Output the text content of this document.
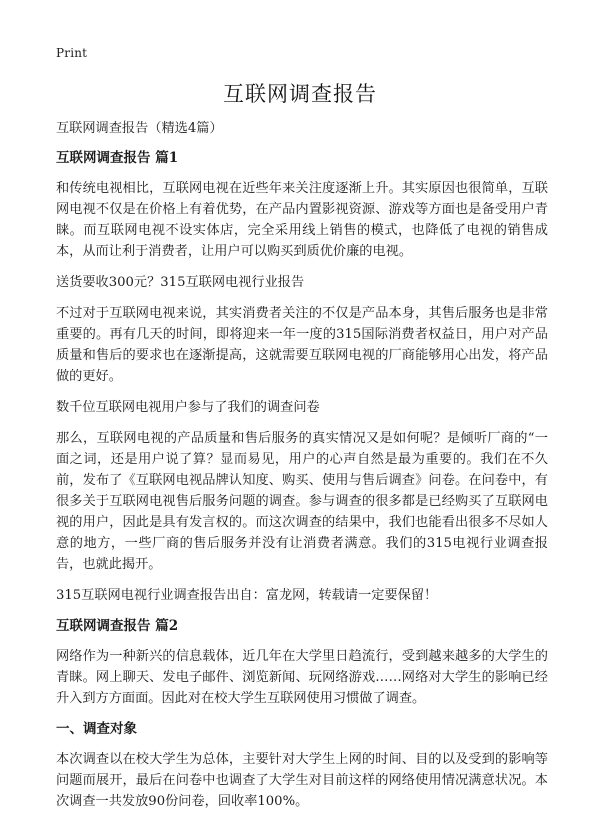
Print
互联网调查报告

互联网调查报告（精选4篇）

互联网调查报告 篇1

和传统电视相比，互联网电视在近些年来关注度逐渐上升。其实原因也很简单，互联网电视不仅是在价格上有着优势，在产品内置影视资源、游戏等方面也是备受用户青睐。而互联网电视不设实体店，完全采用线上销售的模式，也降低了电视的销售成本，从而让利于消费者，让用户可以购买到质优价廉的电视。

送货要收300元？315互联网电视行业报告

不过对于互联网电视来说，其实消费者关注的不仅是产品本身，其售后服务也是非常重要的。再有几天的时间，即将迎来一年一度的315国际消费者权益日，用户对产品质量和售后的要求也在逐渐提高，这就需要互联网电视的厂商能够用心出发，将产品做的更好。

数千位互联网电视用户参与了我们的调查问卷

那么，互联网电视的产品质量和售后服务的真实情况又是如何呢？是倾听厂商的“一面之词，还是用户说了算？显而易见，用户的心声自然是最为重要的。我们在不久前，发布了《互联网电视品牌认知度、购买、使用与售后调查》问卷。在问卷中，有很多关于互联网电视售后服务问题的调查。参与调查的很多都是已经购买了互联网电视的用户，因此是具有发言权的。而这次调查的结果中，我们也能看出很多不尽如人意的地方，一些厂商的售后服务并没有让消费者满意。我们的315电视行业调查报告，也就此揭开。

315互联网电视行业调查报告出自：富龙网，转载请一定要保留！

互联网调查报告 篇2

网络作为一种新兴的信息载体，近几年在大学里日趋流行，受到越来越多的大学生的青睐。网上聊天、发电子邮件、浏览新闻、玩网络游戏……网络对大学生的影响已经升入到方方面面。因此对在校大学生互联网使用习惯做了调查。

一、调查对象

本次调查以在校大学生为总体，主要针对大学生上网的时间、目的以及受到的影响等问题而展开，最后在问卷中也调查了大学生对目前这样的网络使用情况满意状况。本次调查一共发放90份问卷，回收率100%。
